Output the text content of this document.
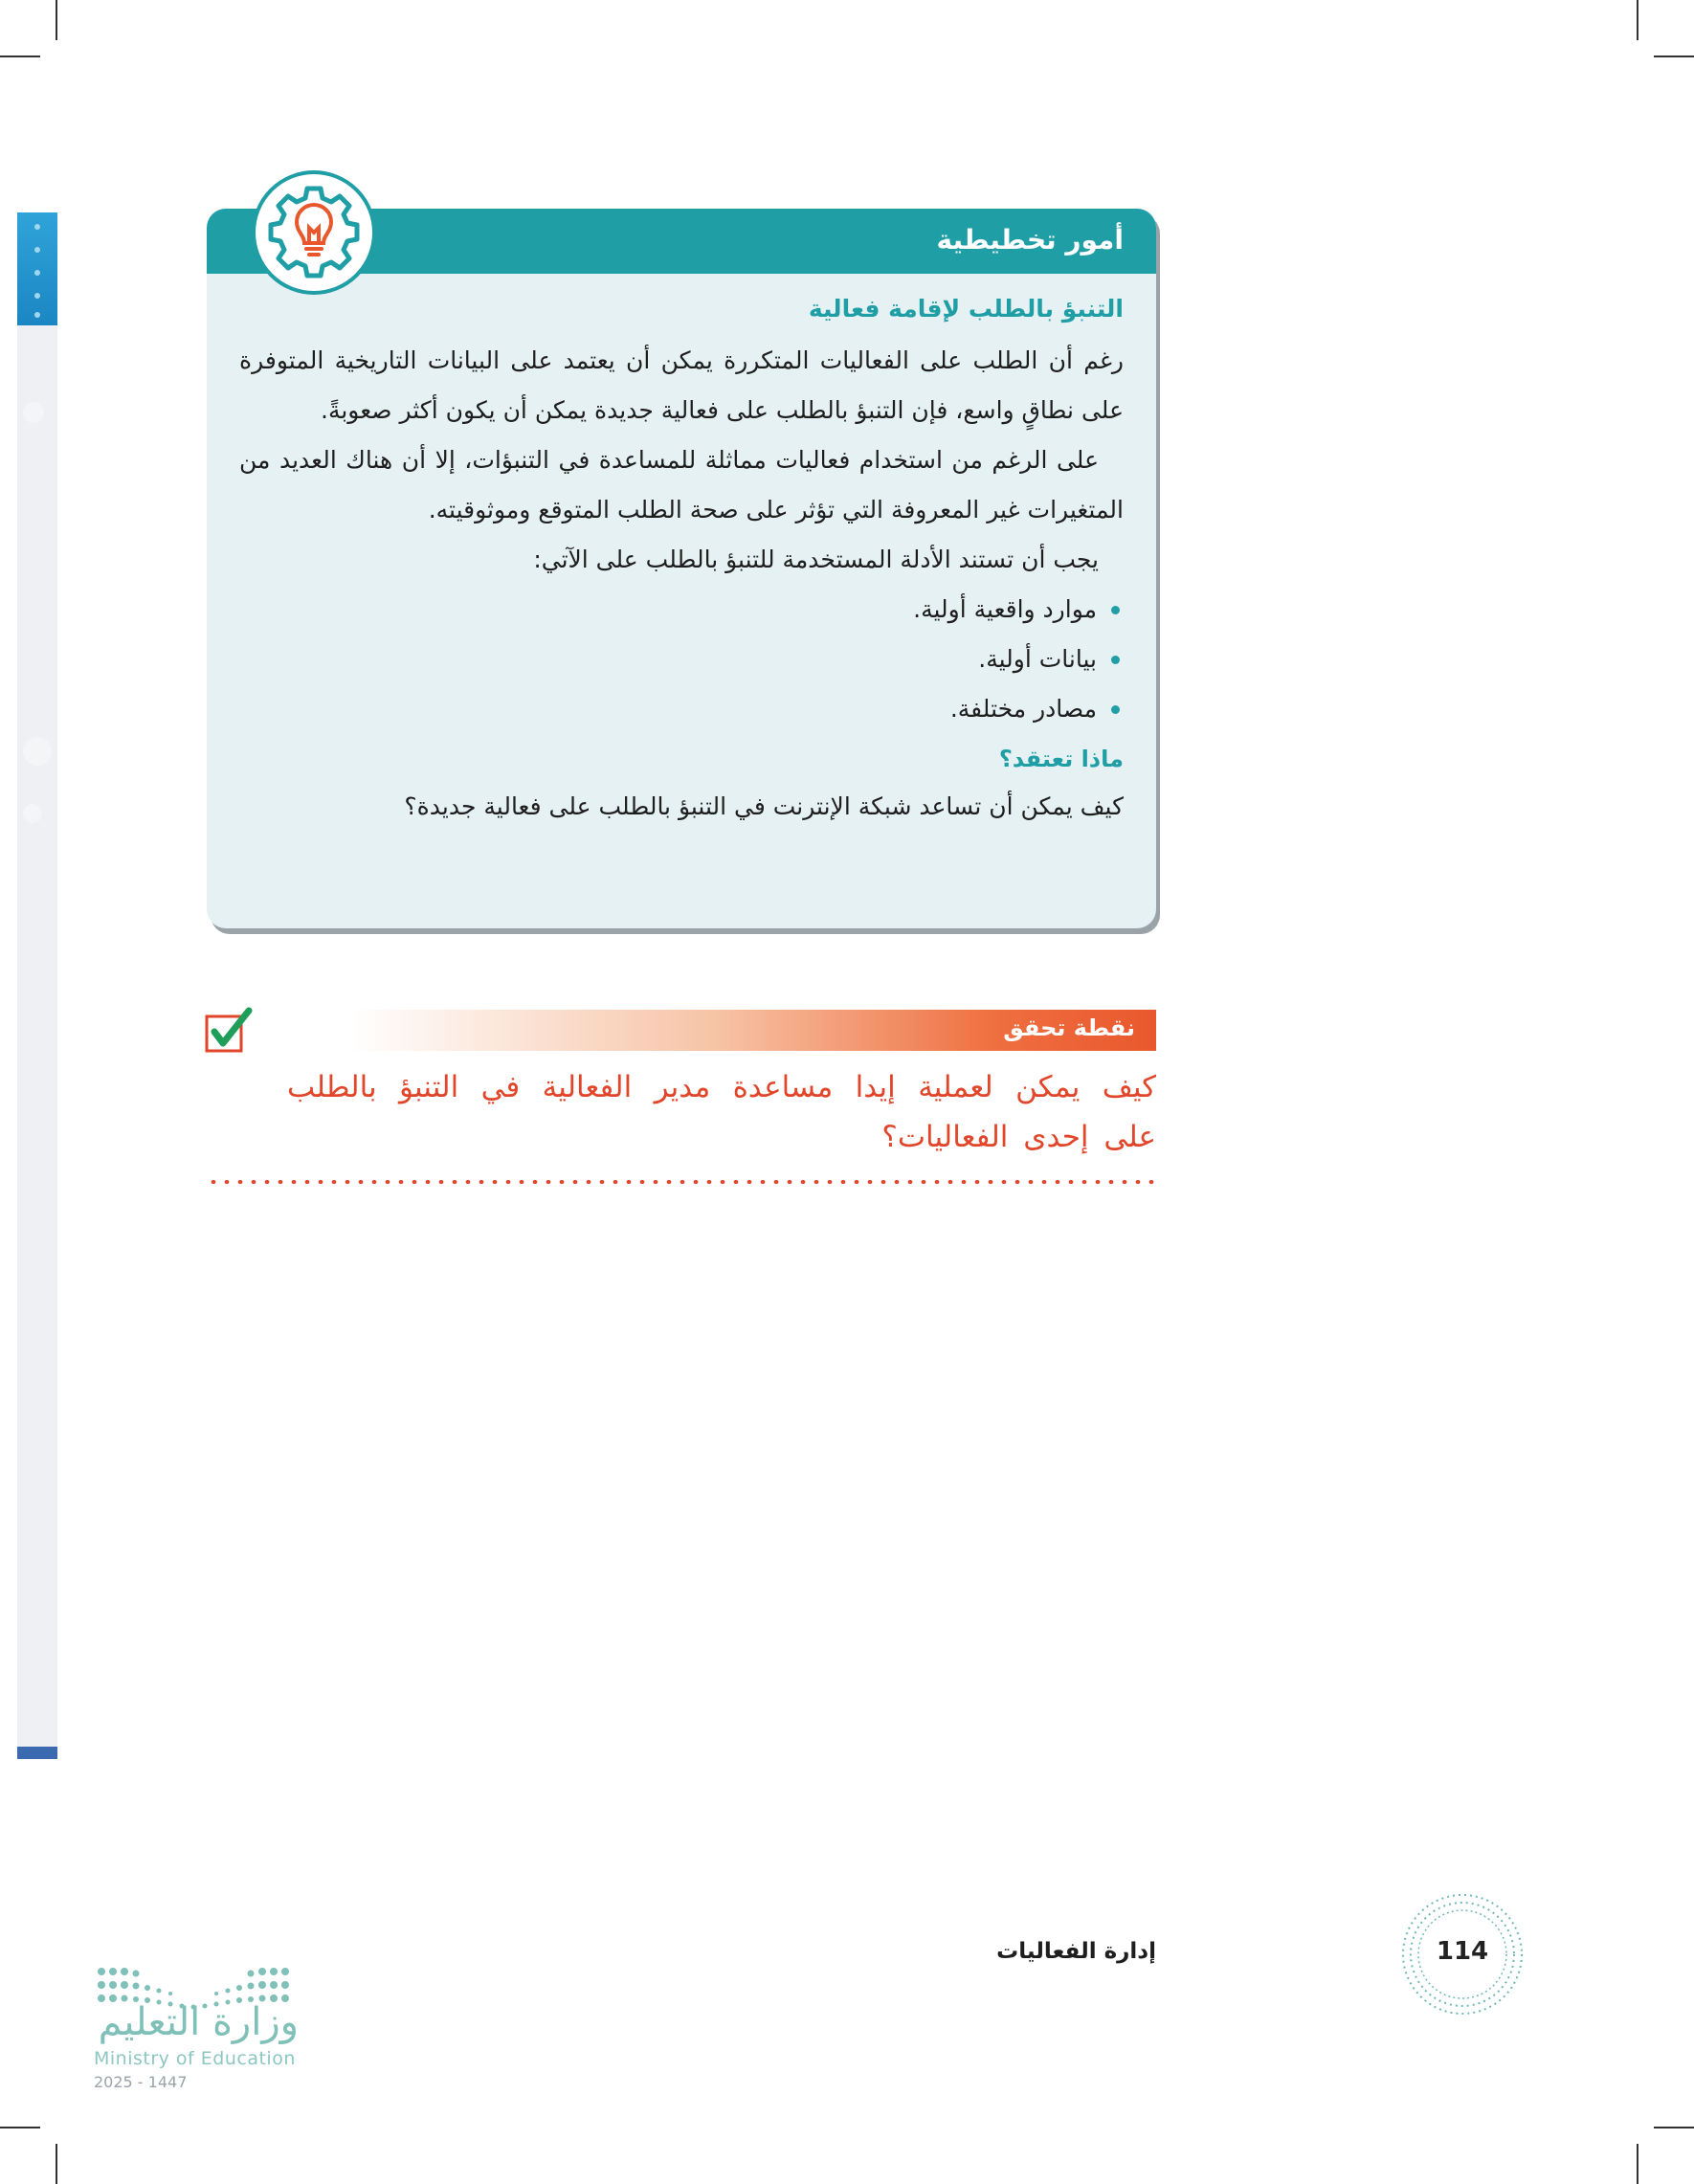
أمور تخطيطية

التنبؤ بالطلب لإقامة فعالية

رغم أن الطلب على الفعاليات المتكررة يمكن أن يعتمد على البيانات التاريخية المتوفرة على نطاقٍ واسع، فإن التنبؤ بالطلب على فعالية جديدة يمكن أن يكون أكثر صعوبةً.

على الرغم من استخدام فعاليات مماثلة للمساعدة في التنبؤات، إلا أن هناك العديد من المتغيرات غير المعروفة التي تؤثر على صحة الطلب المتوقع وموثوقيته.

يجب أن تستند الأدلة المستخدمة للتنبؤ بالطلب على الآتي:

موارد واقعية أولية.
بيانات أولية.
مصادر مختلفة.
ماذا تعتقد؟
كيف يمكن أن تساعد شبكة الإنترنت في التنبؤ بالطلب على فعالية جديدة؟
نقطة تحقق
كيف يمكن لعملية إيدا مساعدة مدير الفعالية في التنبؤ بالطلب على إحدى الفعاليات؟
114
إدارة الفعاليات
وزارة التعليم
Ministry of Education
2025 - 1447
